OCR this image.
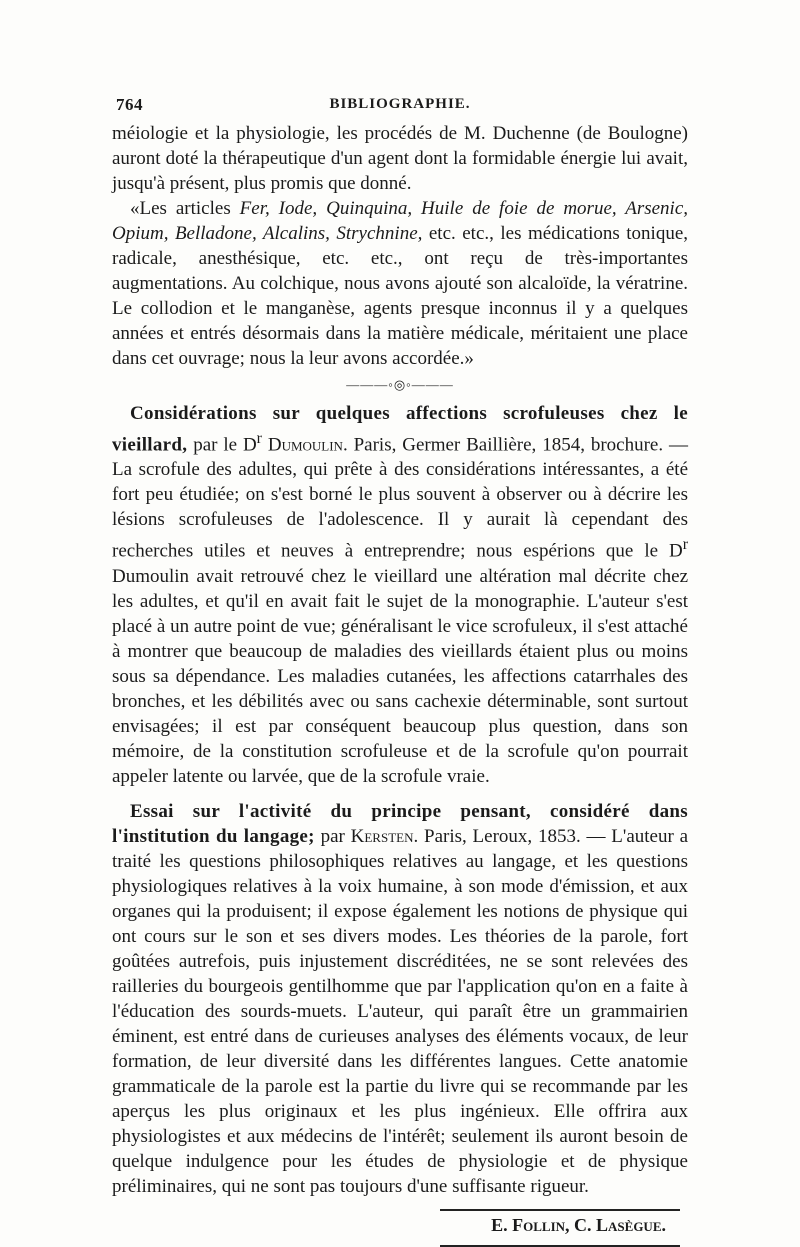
764	BIBLIOGRAPHIE.

méiologie et la physiologie, les procédés de M. Duchenne (de Boulogne) auront doté la thérapeutique d'un agent dont la formidable énergie lui avait, jusqu'à présent, plus promis que donné.

«Les articles Fer, Iode, Quinquina, Huile de foie de morue, Arsenic, Opium, Belladone, Alcalins, Strychnine, etc. etc., les médications tonique, radicale, anesthésique, etc. etc., ont reçu de très-importantes augmentations. Au colchique, nous avons ajouté son alcaloïde, la vératrine. Le collodion et le manganèse, agents presque inconnus il y a quelques années et entrés désormais dans la matière médicale, méritaient une place dans cet ouvrage; nous la leur avons accordée.»

———◦◎◦———

Considérations sur quelques affections scrofuleuses chez le vieillard, par le $D^r$ Dumoulin. Paris, Germer Baillière, 1854, brochure. — La scrofule des adultes, qui prête à des considérations intéressantes, a été fort peu étudiée; on s'est borné le plus souvent à observer ou à décrire les lésions scrofuleuses de l'adolescence. Il y aurait là cependant des recherches utiles et neuves à entreprendre; nous espérions que le $D^r$ Dumoulin avait retrouvé chez le vieillard une altération mal décrite chez les adultes, et qu'il en avait fait le sujet de la monographie. L'auteur s'est placé à un autre point de vue; généralisant le vice scrofuleux, il s'est attaché à montrer que beaucoup de maladies des vieillards étaient plus ou moins sous sa dépendance. Les maladies cutanées, les affections catarrhales des bronches, et les débilités avec ou sans cachexie déterminable, sont surtout envisagées; il est par conséquent beaucoup plus question, dans son mémoire, de la constitution scrofuleuse et de la scrofule qu'on pourrait appeler latente ou larvée, que de la scrofule vraie.

Essai sur l'activité du principe pensant, considéré dans l'institution du langage; par Kersten. Paris, Leroux, 1853. — L'auteur a traité les questions philosophiques relatives au langage, et les questions physiologiques relatives à la voix humaine, à son mode d'émission, et aux organes qui la produisent; il expose également les notions de physique qui ont cours sur le son et ses divers modes. Les théories de la parole, fort goûtées autrefois, puis injustement discréditées, ne se sont relevées des railleries du bourgeois gentilhomme que par l'application qu'on en a faite à l'éducation des sourds-muets. L'auteur, qui paraît être un grammairien éminent, est entré dans de curieuses analyses des éléments vocaux, de leur formation, de leur diversité dans les différentes langues. Cette anatomie grammaticale de la parole est la partie du livre qui se recommande par les aperçus les plus originaux et les plus ingénieux. Elle offrira aux physiologistes et aux médecins de l'intérêt; seulement ils auront besoin de quelque indulgence pour les études de physiologie et de physique préliminaires, qui ne sont pas toujours d'une suffisante rigueur.

E. Follin, C. Lasègue.
